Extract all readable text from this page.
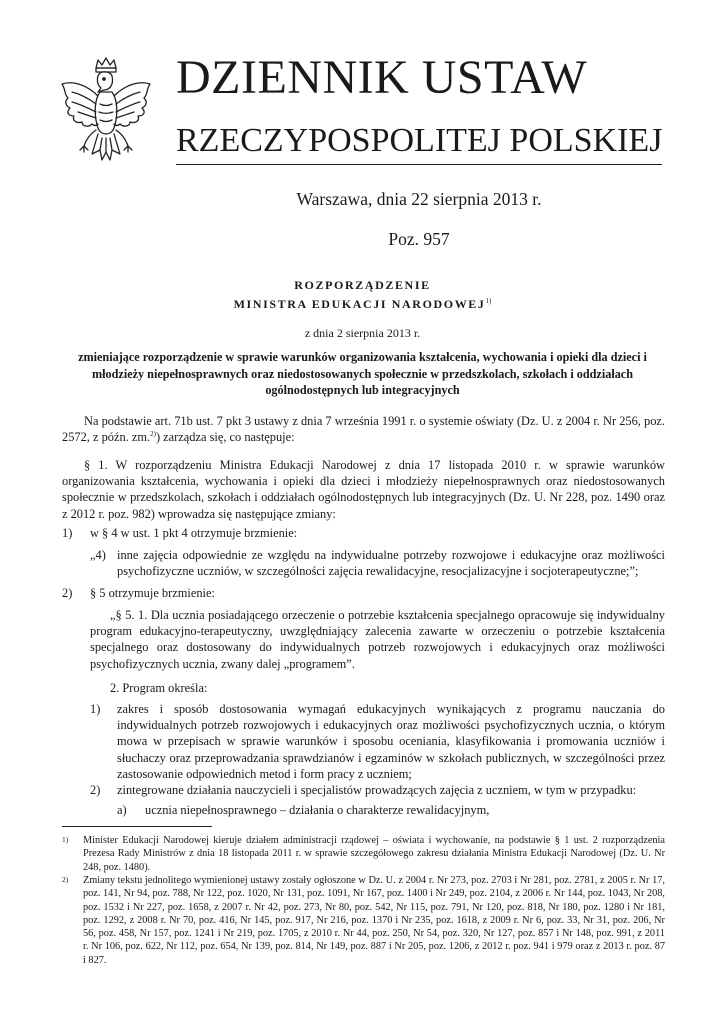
DZIENNIK USTAW
RZECZYPOSPOLITEJ POLSKIEJ
Warszawa, dnia 22 sierpnia 2013 r.
Poz. 957
ROZPORZĄDZENIE
MINISTRA EDUKACJI NARODOWEJ$^{1)}$
z dnia 2 sierpnia 2013 r.
zmieniające rozporządzenie w sprawie warunków organizowania kształcenia, wychowania i opieki dla dzieci i młodzieży niepełnosprawnych oraz niedostosowanych społecznie w przedszkolach, szkołach i oddziałach ogólnodostępnych lub integracyjnych

Na podstawie art. 71b ust. 7 pkt 3 ustawy z dnia 7 września 1991 r. o systemie oświaty (Dz. U. z 2004 r. Nr 256, poz. 2572, z późn. zm.$^{2)}$) zarządza się, co następuje:

§ 1. W rozporządzeniu Ministra Edukacji Narodowej z dnia 17 listopada 2010 r. w sprawie warunków organizowania kształcenia, wychowania i opieki dla dzieci i młodzieży niepełnosprawnych oraz niedostosowanych społecznie w przedszkolach, szkołach i oddziałach ogólnodostępnych lub integracyjnych (Dz. U. Nr 228, poz. 1490 oraz z 2012 r. poz. 982) wprowadza się następujące zmiany:

1) w § 4 w ust. 1 pkt 4 otrzymuje brzmienie:

„4) inne zajęcia odpowiednie ze względu na indywidualne potrzeby rozwojowe i edukacyjne oraz możliwości psychofizyczne uczniów, w szczególności zajęcia rewalidacyjne, resocjalizacyjne i socjoterapeutyczne;”;

2) § 5 otrzymuje brzmienie:

„§ 5. 1. Dla ucznia posiadającego orzeczenie o potrzebie kształcenia specjalnego opracowuje się indywidualny program edukacyjno-terapeutyczny, uwzględniający zalecenia zawarte w orzeczeniu o potrzebie kształcenia specjalnego oraz dostosowany do indywidualnych potrzeb rozwojowych i edukacyjnych oraz możliwości psychofizycznych ucznia, zwany dalej „programem”.

2. Program określa:

1) zakres i sposób dostosowania wymagań edukacyjnych wynikających z programu nauczania do indywidualnych potrzeb rozwojowych i edukacyjnych oraz możliwości psychofizycznych ucznia, o którym mowa w przepisach w sprawie warunków i sposobu oceniania, klasyfikowania i promowania uczniów i słuchaczy oraz przeprowadzania sprawdzianów i egzaminów w szkołach publicznych, w szczególności przez zastosowanie odpowiednich metod i form pracy z uczniem;

2) zintegrowane działania nauczycieli i specjalistów prowadzących zajęcia z uczniem, w tym w przypadku:

a) ucznia niepełnosprawnego – działania o charakterze rewalidacyjnym,

1) Minister Edukacji Narodowej kieruje działem administracji rządowej – oświata i wychowanie, na podstawie § 1 ust. 2 rozporządzenia Prezesa Rady Ministrów z dnia 18 listopada 2011 r. w sprawie szczegółowego zakresu działania Ministra Edukacji Narodowej (Dz. U. Nr 248, poz. 1480).

2) Zmiany tekstu jednolitego wymienionej ustawy zostały ogłoszone w Dz. U. z 2004 r. Nr 273, poz. 2703 i Nr 281, poz. 2781, z 2005 r. Nr 17, poz. 141, Nr 94, poz. 788, Nr 122, poz. 1020, Nr 131, poz. 1091, Nr 167, poz. 1400 i Nr 249, poz. 2104, z 2006 r. Nr 144, poz. 1043, Nr 208, poz. 1532 i Nr 227, poz. 1658, z 2007 r. Nr 42, poz. 273, Nr 80, poz. 542, Nr 115, poz. 791, Nr 120, poz. 818, Nr 180, poz. 1280 i Nr 181, poz. 1292, z 2008 r. Nr 70, poz. 416, Nr 145, poz. 917, Nr 216, poz. 1370 i Nr 235, poz. 1618, z 2009 r. Nr 6, poz. 33, Nr 31, poz. 206, Nr 56, poz. 458, Nr 157, poz. 1241 i Nr 219, poz. 1705, z 2010 r. Nr 44, poz. 250, Nr 54, poz. 320, Nr 127, poz. 857 i Nr 148, poz. 991, z 2011 r. Nr 106, poz. 622, Nr 112, poz. 654, Nr 139, poz. 814, Nr 149, poz. 887 i Nr 205, poz. 1206, z 2012 r. poz. 941 i 979 oraz z 2013 r. poz. 87 i 827.
